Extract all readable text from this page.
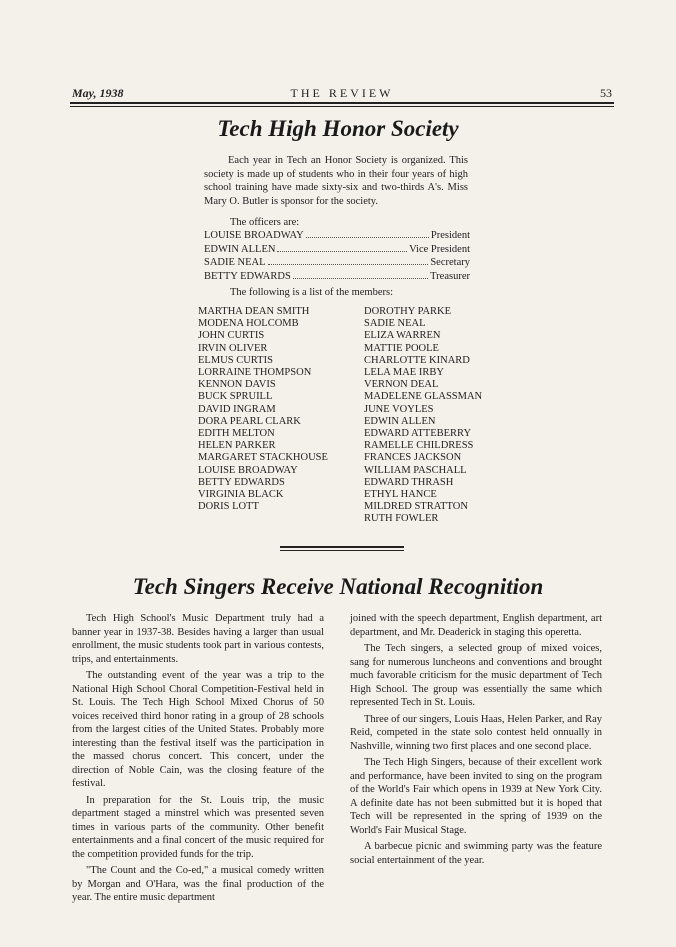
May, 1938	THE REVIEW	53
Tech High Honor Society

Each year in Tech an Honor Society is organized. This society is made up of students who in their four years of high school training have made sixty-six and two-thirds A's. Miss Mary O. Butler is sponsor for the society.

The officers are:
LOUISE BROADWAY	President
EDWIN ALLEN	Vice President
SADIE NEAL	Secretary
BETTY EDWARDS	Treasurer
The following is a list of the members:
MARTHA DEAN SMITH
MODENA HOLCOMB
JOHN CURTIS
IRVIN OLIVER
ELMUS CURTIS
LORRAINE THOMPSON
KENNON DAVIS
BUCK SPRUILL
DAVID INGRAM
DORA PEARL CLARK
EDITH MELTON
HELEN PARKER
MARGARET STACKHOUSE
LOUISE BROADWAY
BETTY EDWARDS
VIRGINIA BLACK
DORIS LOTT
DOROTHY PARKE
SADIE NEAL
ELIZA WARREN
MATTIE POOLE
CHARLOTTE KINARD
LELA MAE IRBY
VERNON DEAL
MADELENE GLASSMAN
JUNE VOYLES
EDWIN ALLEN
EDWARD ATTEBERRY
RAMELLE CHILDRESS
FRANCES JACKSON
WILLIAM PASCHALL
EDWARD THRASH
ETHYL HANCE
MILDRED STRATTON
RUTH FOWLER
Tech Singers Receive National Recognition

Tech High School's Music Department truly had a banner year in 1937-38. Besides having a larger than usual enrollment, the music students took part in various contests, trips, and entertainments.

The outstanding event of the year was a trip to the National High School Choral Competition-Festival held in St. Louis. The Tech High School Mixed Chorus of 50 voices received third honor rating in a group of 28 schools from the largest cities of the United States. Probably more interesting than the festival itself was the participation in the massed chorus concert. This concert, under the direction of Noble Cain, was the closing feature of the festival.

In preparation for the St. Louis trip, the music department staged a minstrel which was presented seven times in various parts of the community. Other benefit entertainments and a final concert of the music required for the competition provided funds for the trip.

"The Count and the Co-ed," a musical comedy written by Morgan and O'Hara, was the final production of the year. The entire music department

joined with the speech department, English department, art department, and Mr. Deaderick in staging this operetta.

The Tech singers, a selected group of mixed voices, sang for numerous luncheons and conventions and brought much favorable criticism for the music department of Tech High School. The group was essentially the same which represented Tech in St. Louis.

Three of our singers, Louis Haas, Helen Parker, and Ray Reid, competed in the state solo contest held onnually in Nashville, winning two first places and one second place.

The Tech High Singers, because of their excellent work and performance, have been invited to sing on the program of the World's Fair which opens in 1939 at New York City. A definite date has not been submitted but it is hoped that Tech will be represented in the spring of 1939 on the World's Fair Musical Stage.

A barbecue picnic and swimming party was the feature social entertainment of the year.
